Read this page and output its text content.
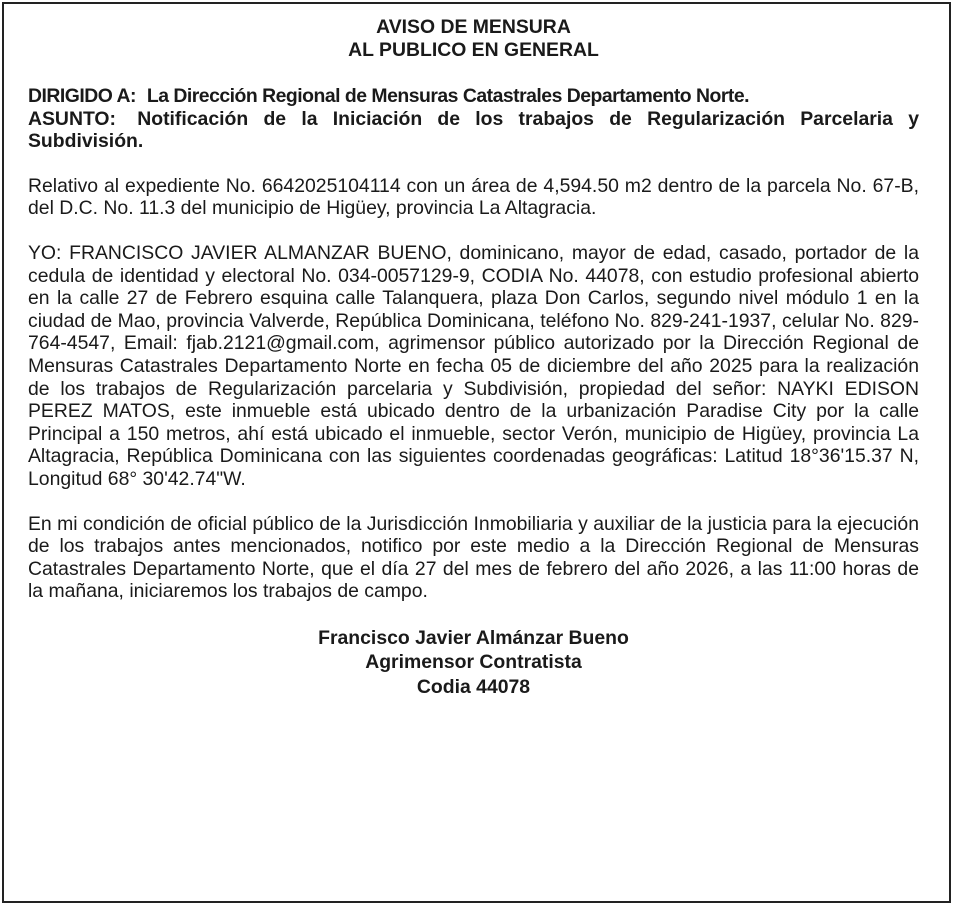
AVISO DE MENSURA
AL PUBLICO EN GENERAL
DIRIGIDO A: La Dirección Regional de Mensuras Catastrales Departamento Norte.
ASUNTO: Notificación de la Iniciación de los trabajos de Regularización Parcelaria y Subdivisión.

Relativo al expediente No. 6642025104114 con un área de 4,594.50 m2 dentro de la parcela No. 67-B, del D.C. No. 11.3 del municipio de Higüey, provincia La Altagracia.

YO: FRANCISCO JAVIER ALMANZAR BUENO, dominicano, mayor de edad, casado, portador de la cedula de identidad y electoral No. 034-0057129-9, CODIA No. 44078, con estudio profesional abierto en la calle 27 de Febrero esquina calle Talanquera, plaza Don Carlos, segundo nivel módulo 1 en la ciudad de Mao, provincia Valverde, República Dominicana, teléfono No. 829-241-1937, celular No. 829-764-4547, Email: fjab.2121@gmail.com, agrimensor público autorizado por la Dirección Regional de Mensuras Catastrales Departamento Norte en fecha 05 de diciembre del año 2025 para la realización de los trabajos de Regularización parcelaria y Subdivisión, propiedad del señor: NAYKI EDISON PEREZ MATOS, este inmueble está ubicado dentro de la urbanización Paradise City por la calle Principal a 150 metros, ahí está ubicado el inmueble, sector Verón, municipio de Higüey, provincia La Altagracia, República Dominicana con las siguientes coordenadas geográficas: Latitud 18°36'15.37 N, Longitud 68° 30'42.74"W.

En mi condición de oficial público de la Jurisdicción Inmobiliaria y auxiliar de la justicia para la ejecución de los trabajos antes mencionados, notifico por este medio a la Dirección Regional de Mensuras Catastrales Departamento Norte, que el día 27 del mes de febrero del año 2026, a las 11:00 horas de la mañana, iniciaremos los trabajos de campo.

Francisco Javier Almánzar Bueno
Agrimensor Contratista
Codia 44078
